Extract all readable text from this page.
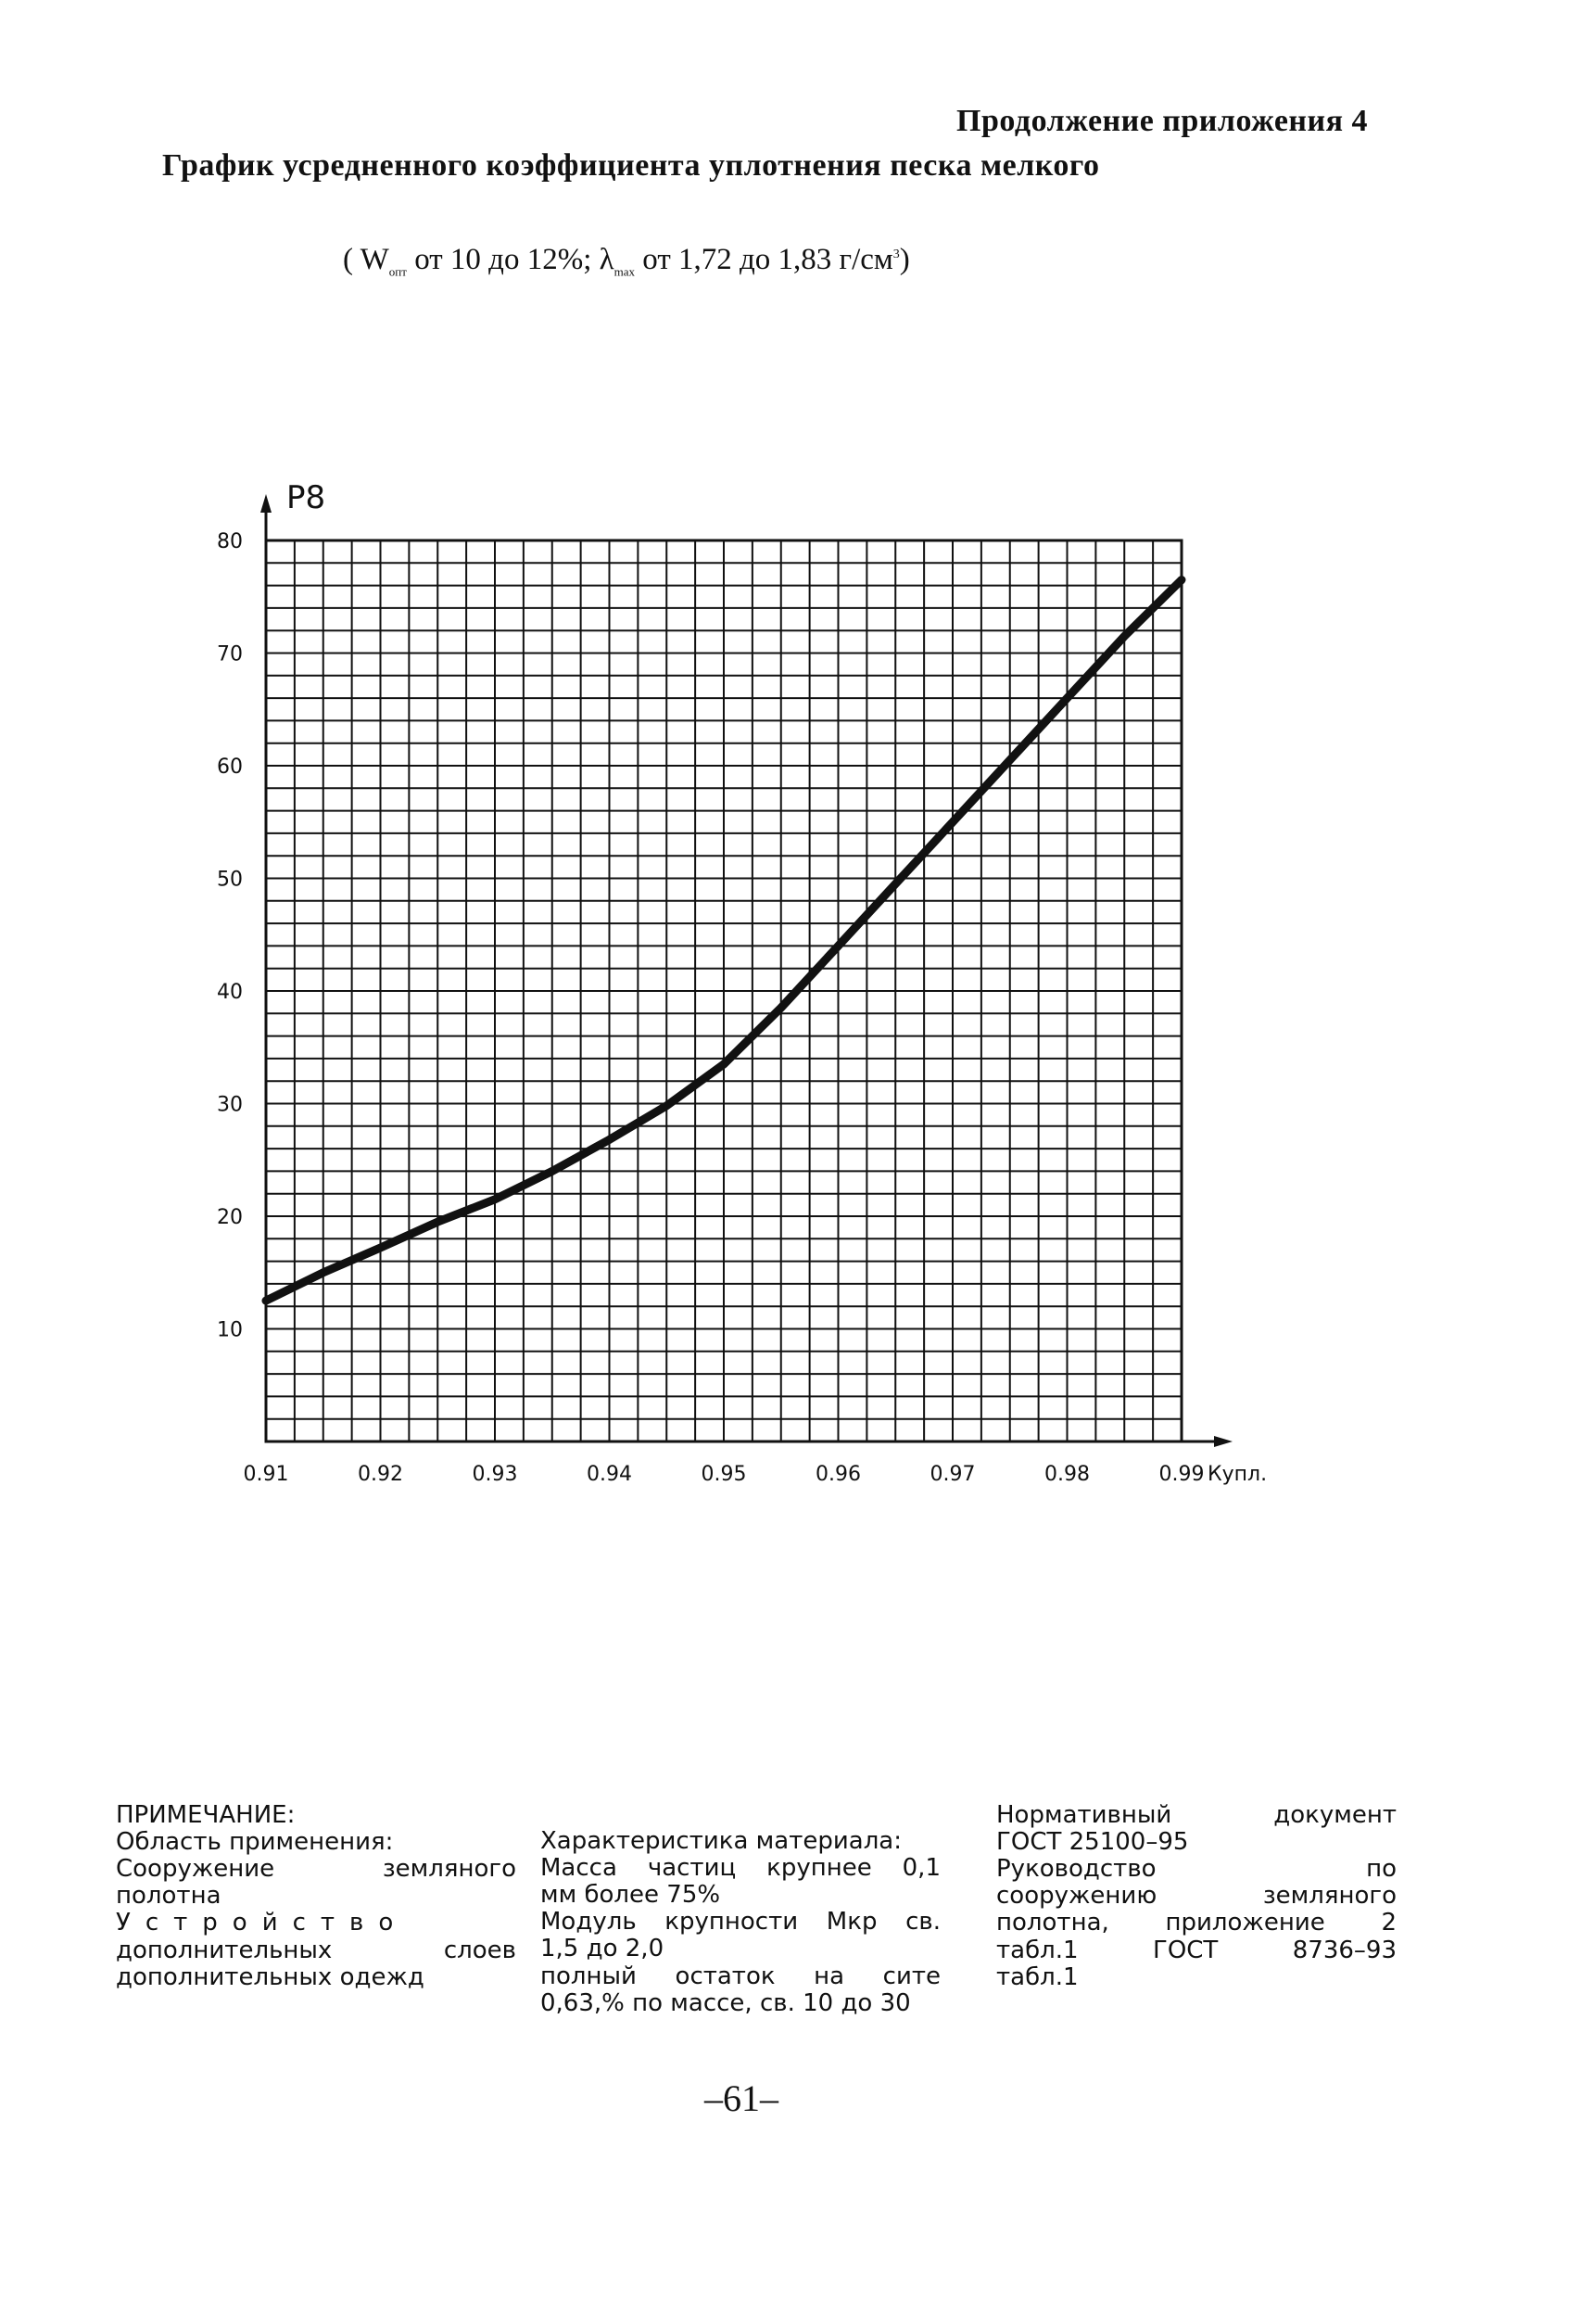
Продолжение приложения 4
График усредненного коэффициента уплотнения песка мелкого
( $W_{опт}$ от 10 до 12%; $\lambda_{max}$ от 1,72 до 1,83 $г/см^3$)
0.91	0.92	0.93	0.94	0.95	0.96	0.97	0.98	0.99
10
20
30
40
50
60
70
80
Купл.
Р8
ПРИМЕЧАНИЕ:
Область применения:
Сооружение земляного
полотна
Устройство
дополнительных слоев
дополнительных одежд
Характеристика материала:
Масса частиц крупнее 0,1
мм более 75%
Модуль крупности Мкр св.
1,5 до 2,0
полный остаток на сите
0,63,% по массе, св. 10 до 30
Нормативный документ
ГОСТ 25100–95
Руководство по
сооружению земляного
полотна, приложение 2
табл.1 ГОСТ 8736–93
табл.1
–61–
